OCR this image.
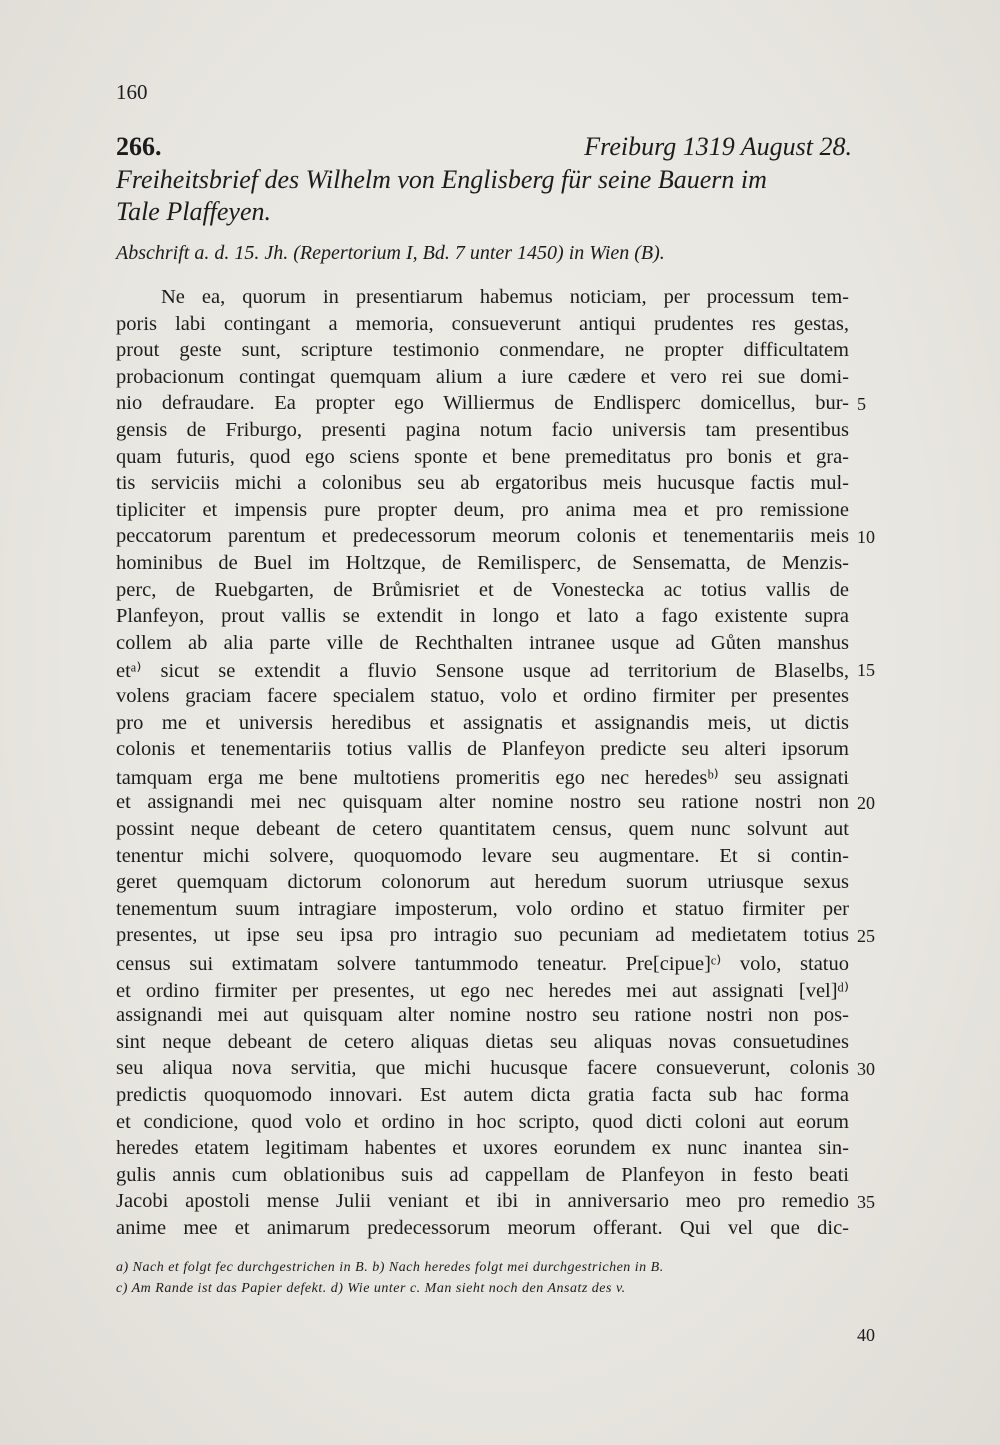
160
266.	Freiburg 1319 August 28.
Freiheitsbrief des Wilhelm von Englisberg für seine Bauern im
Tale Plaffeyen.
Abschrift a. d. 15. Jh. (Repertorium I, Bd. 7 unter 1450) in Wien (B).
Ne ea, quorum in presentiarum habemus noticiam, per processum tem-
poris labi contingant a memoria, consueverunt antiqui prudentes res gestas,
prout geste sunt, scripture testimonio conmendare, ne propter difficultatem
probacionum contingat quemquam alium a iure cædere et vero rei sue domi-
nio defraudare. Ea propter ego Williermus de Endlisperc domicellus, bur-
gensis de Friburgo, presenti pagina notum facio universis tam presentibus
quam futuris, quod ego sciens sponte et bene premeditatus pro bonis et gra-
tis serviciis michi a colonibus seu ab ergatoribus meis hucusque factis mul-
tipliciter et impensis pure propter deum, pro anima mea et pro remissione
peccatorum parentum et predecessorum meorum colonis et tenementariis meis
hominibus de Buel im Holtzque, de Remilisperc, de Sensematta, de Menzis-
perc, de Ruebgarten, de Brůmisriet et de Vonestecka ac totius vallis de
Planfeyon, prout vallis se extendit in longo et lato a fago existente supra
collem ab alia parte ville de Rechthalten intranee usque ad Gůten manshus
etᵃ⁾ sicut se extendit a fluvio Sensone usque ad territorium de Blaselbs,
volens graciam facere specialem statuo, volo et ordino firmiter per presentes
pro me et universis heredibus et assignatis et assignandis meis, ut dictis
colonis et tenementariis totius vallis de Planfeyon predicte seu alteri ipsorum
tamquam erga me bene multotiens promeritis ego nec heredesᵇ⁾ seu assignati
et assignandi mei nec quisquam alter nomine nostro seu ratione nostri non
possint neque debeant de cetero quantitatem census, quem nunc solvunt aut
tenentur michi solvere, quoquomodo levare seu augmentare. Et si contin-
geret quemquam dictorum colonorum aut heredum suorum utriusque sexus
tenementum suum intragiare imposterum, volo ordino et statuo firmiter per
presentes, ut ipse seu ipsa pro intragio suo pecuniam ad medietatem totius
census sui extimatam solvere tantummodo teneatur. Pre[cipue]ᶜ⁾ volo, statuo
et ordino firmiter per presentes, ut ego nec heredes mei aut assignati [vel]ᵈ⁾
assignandi mei aut quisquam alter nomine nostro seu ratione nostri non pos-
sint neque debeant de cetero aliquas dietas seu aliquas novas consuetudines
seu aliqua nova servitia, que michi hucusque facere consueverunt, colonis
predictis quoquomodo innovari. Est autem dicta gratia facta sub hac forma
et condicione, quod volo et ordino in hoc scripto, quod dicti coloni aut eorum
heredes etatem legitimam habentes et uxores eorundem ex nunc inantea sin-
gulis annis cum oblationibus suis ad cappellam de Planfeyon in festo beati
Jacobi apostoli mense Julii veniant et ibi in anniversario meo pro remedio
anime mee et animarum predecessorum meorum offerant. Qui vel que dic-
5
10
15
20
25
30
35
40
a) Nach et folgt fec durchgestrichen in B. b) Nach heredes folgt mei durchgestrichen in B.
c) Am Rande ist das Papier defekt. d) Wie unter c. Man sieht noch den Ansatz des v.
